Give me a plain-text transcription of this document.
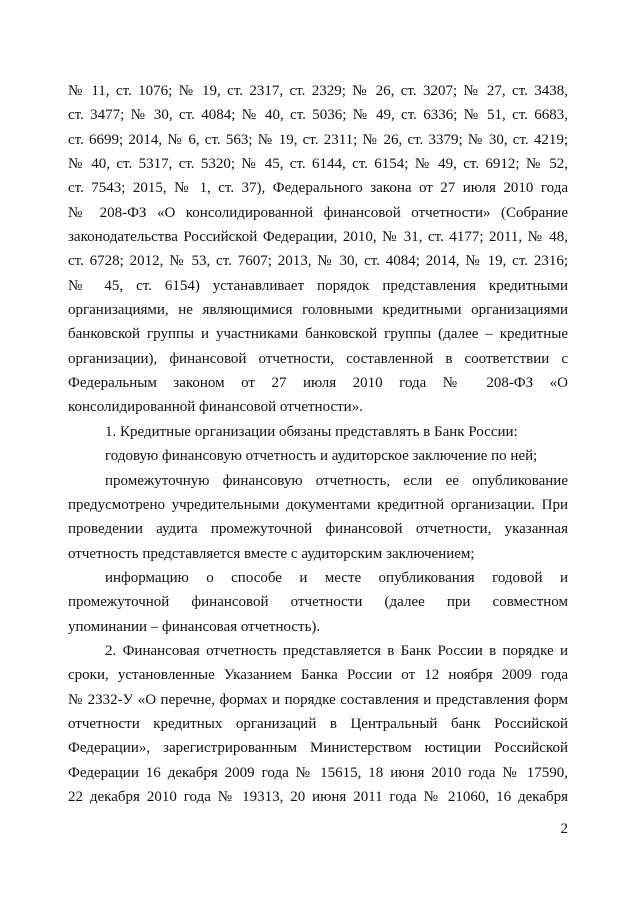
№ 11, ст. 1076; № 19, ст. 2317, ст. 2329; № 26, ст. 3207; № 27, ст. 3438,
ст. 3477; № 30, ст. 4084; № 40, ст. 5036; № 49, ст. 6336; № 51, ст. 6683,
ст. 6699; 2014, № 6, ст. 563; № 19, ст. 2311; № 26, ст. 3379; № 30, ст. 4219;
№ 40, ст. 5317, ст. 5320; № 45, ст. 6144, ст. 6154; № 49, ст. 6912; № 52,
ст. 7543; 2015, № 1, ст. 37), Федерального закона от 27 июля 2010 года
№ 208-ФЗ «О консолидированной финансовой отчетности» (Собрание
законодательства Российской Федерации, 2010, № 31, ст. 4177; 2011, № 48,
ст. 6728; 2012, № 53, ст. 7607; 2013, № 30, ст. 4084; 2014, № 19, ст. 2316;
№ 45, ст. 6154) устанавливает порядок представления кредитными
организациями, не являющимися головными кредитными организациями
банковской группы и участниками банковской группы (далее – кредитные
организации), финансовой отчетности, составленной в соответствии с
Федеральным законом от 27 июля 2010 года № 208-ФЗ «О
консолидированной финансовой отчетности».
1. Кредитные организации обязаны представлять в Банк России:
годовую финансовую отчетность и аудиторское заключение по ней;
промежуточную финансовую отчетность, если ее опубликование
предусмотрено учредительными документами кредитной организации. При
проведении аудита промежуточной финансовой отчетности, указанная
отчетность представляется вместе с аудиторским заключением;
информацию о способе и месте опубликования годовой и
промежуточной финансовой отчетности (далее при совместном
упоминании – финансовая отчетность).
2. Финансовая отчетность представляется в Банк России в порядке и
сроки, установленные Указанием Банка России от 12 ноября 2009 года
№ 2332-У «О перечне, формах и порядке составления и представления форм
отчетности кредитных организаций в Центральный банк Российской
Федерации», зарегистрированным Министерством юстиции Российской
Федерации 16 декабря 2009 года № 15615, 18 июня 2010 года № 17590,
22 декабря 2010 года № 19313, 20 июня 2011 года № 21060, 16 декабря
2
